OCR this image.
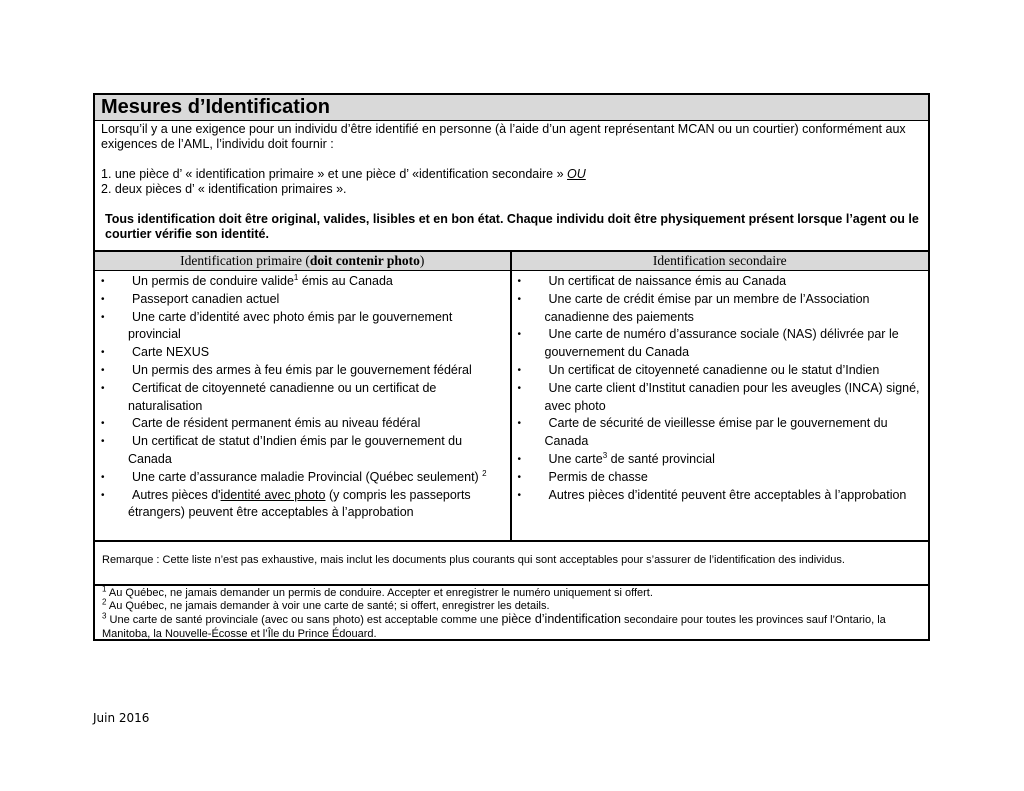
Mesures d’Identification

Lorsqu’il y a une exigence pour un individu d’être identifié en personne (à l’aide d’un agent représentant MCAN ou un courtier) conformément aux exigences de l’AML, l’individu doit fournir :

1. une pièce d’ « identification primaire » et une pièce d’ «identification secondaire » OU

2. deux pièces d’ « identification primaires ».

Tous identification doit être original, valides, lisibles et en bon état. Chaque individu doit être physiquement présent lorsque l’agent ou le courtier vérifie son identité.

Identification primaire (doit contenir photo)
• Un permis de conduire valide$^1$ émis au Canada
• Passeport canadien actuel
• Une carte d’identité avec photo émis par le gouvernement provincial
• Carte NEXUS
• Un permis des armes à feu émis par le gouvernement fédéral
• Certificat de citoyenneté canadienne ou un certificat de naturalisation
• Carte de résident permanent émis au niveau fédéral
• Un certificat de statut d’Indien émis par le gouvernement du Canada
• Une carte d’assurance maladie Provincial (Québec seulement) $^2$
• Autres pièces d'identité avec photo (y compris les passeports étrangers) peuvent être acceptables à l’approbation
Identification secondaire
• Un certificat de naissance émis au Canada
• Une carte de crédit émise par un membre de l’Association canadienne des paiements
• Une carte de numéro d’assurance sociale (NAS) délivrée par le gouvernement du Canada
• Un certificat de citoyenneté canadienne ou le statut d’Indien
• Une carte client d’Institut canadien pour les aveugles (INCA) signé, avec photo
• Carte de sécurité de vieillesse émise par le gouvernement du Canada
• Une carte$^3$ de santé provincial
• Permis de chasse
• Autres pièces d’identité peuvent être acceptables à l’approbation
Remarque : Cette liste n’est pas exhaustive, mais inclut les documents plus courants qui sont acceptables pour s’assurer de l’identification des individus.
$^1$ Au Québec, ne jamais demander un permis de conduire. Accepter et enregistrer le numéro uniquement si offert.
$^2$ Au Québec, ne jamais demander à voir une carte de santé; si offert, enregistrer les details.
$^3$ Une carte de santé provinciale (avec ou sans photo) est acceptable comme une pièce d’indentification secondaire pour toutes les provinces sauf l’Ontario, la Manitoba, la Nouvelle-Écosse et l’Île du Prince Édouard.
Juin 2016
